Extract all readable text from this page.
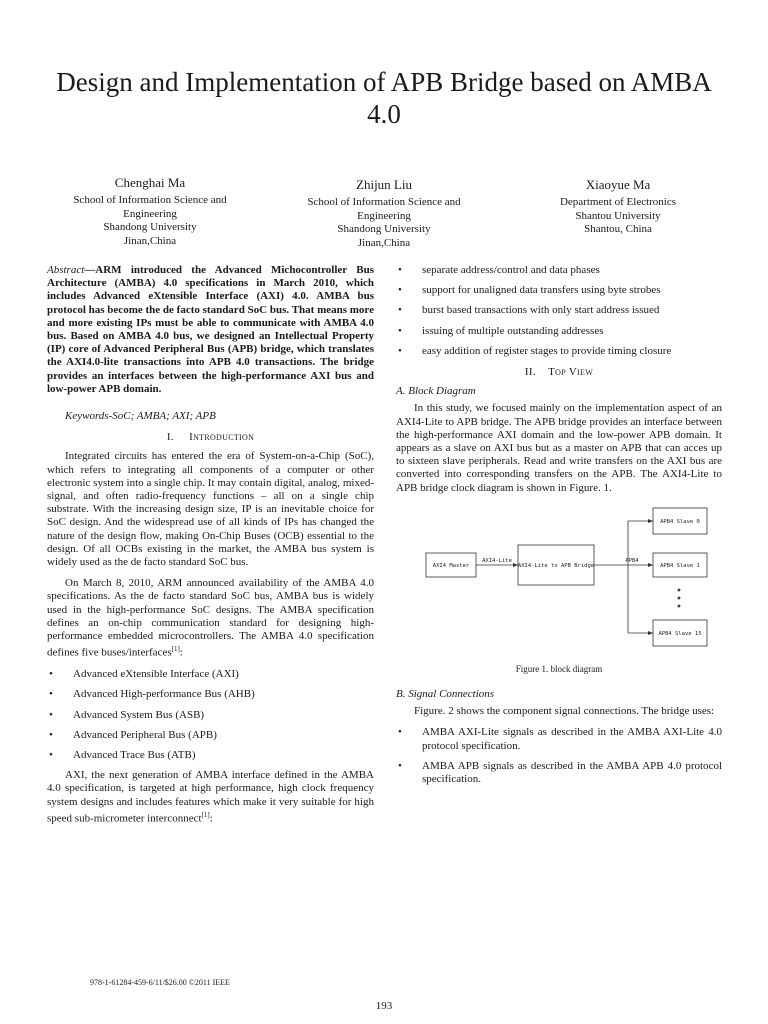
Design and Implementation of APB Bridge based on AMBA 4.0
Chenghai Ma
School of Information Science and Engineering
Shandong University
Jinan,China
Zhijun Liu
School of Information Science and Engineering
Shandong University
Jinan,China
Xiaoyue Ma
Department of Electronics
Shantou University
Shantou, China
Abstract—ARM introduced the Advanced Michocontroller Bus Architecture (AMBA) 4.0 specifications in March 2010, which includes Advanced eXtensible Interface (AXI) 4.0. AMBA bus protocol has become the de facto standard SoC bus. That means more and more existing IPs must be able to communicate with AMBA 4.0 bus. Based on AMBA 4.0 bus, we designed an Intellectual Property (IP) core of Advanced Peripheral Bus (APB) bridge, which translates the AXI4.0-lite transactions into APB 4.0 transactions. The bridge provides an interfaces between the high-performance AXI bus and low-power APB domain.
Keywords-SoC; AMBA; AXI; APB
I. Introduction

Integrated circuits has entered the era of System-on-a-Chip (SoC), which refers to integrating all components of a computer or other electronic system into a single chip. It may contain digital, analog, mixed-signal, and often radio-frequency functions – all on a single chip substrate. With the increasing design size, IP is an inevitable choice for SoC design. And the widespread use of all kinds of IPs has changed the nature of the design flow, making On-Chip Buses (OCB) essential to the design. Of all OCBs existing in the market, the AMBA bus system is widely used as the de facto standard SoC bus.

On March 8, 2010, ARM announced availability of the AMBA 4.0 specifications. As the de facto standard SoC bus, AMBA bus is widely used in the high-performance SoC designs. The AMBA specification defines an on-chip communication standard for designing high-performance embedded microcontrollers. The AMBA 4.0 specification defines five buses/interfaces[1]:

• Advanced eXtensible Interface (AXI)
• Advanced High-performance Bus (AHB)
• Advanced System Bus (ASB)
• Advanced Peripheral Bus (APB)
• Advanced Trace Bus (ATB)

AXI, the next generation of AMBA interface defined in the AMBA 4.0 specification, is targeted at high performance, high clock frequency system designs and includes features which make it very suitable for high speed sub-micrometer interconnect[1]:

• separate address/control and data phases
• support for unaligned data transfers using byte strobes
• burst based transactions with only start address issued
• issuing of multiple outstanding addresses
• easy addition of register stages to provide timing closure
II. Top View
A. Block Diagram

In this study, we focused mainly on the implementation aspect of an AXI4-Lite to APB bridge. The APB bridge provides an interface between the high-performance AXI domain and the low-power APB domain. It appears as a slave on AXI bus but as a master on APB that can acces up to sixteen slave peripherals. Read and write transfers on the AXI bus are converted into corresponding transfers on the APB. The AXI4-Lite to APB bridge clock diagram is shown in Figure. 1.

AXI4 Master
AXI4-Lite
AXI4-Lite to APB Bridge
APB4
APB4 Slave 0
APB4 Slave 1
APB4 Slave 15
Figure 1. block diagram
B. Signal Connections

Figure. 2 shows the component signal connections. The bridge uses:

• AMBA AXI-Lite signals as described in the AMBA AXI-Lite 4.0 protocol specification.
• AMBA APB signals as described in the AMBA APB 4.0 protocol specification.
978-1-61284-459-6/11/$26.00 ©2011 IEEE
193
